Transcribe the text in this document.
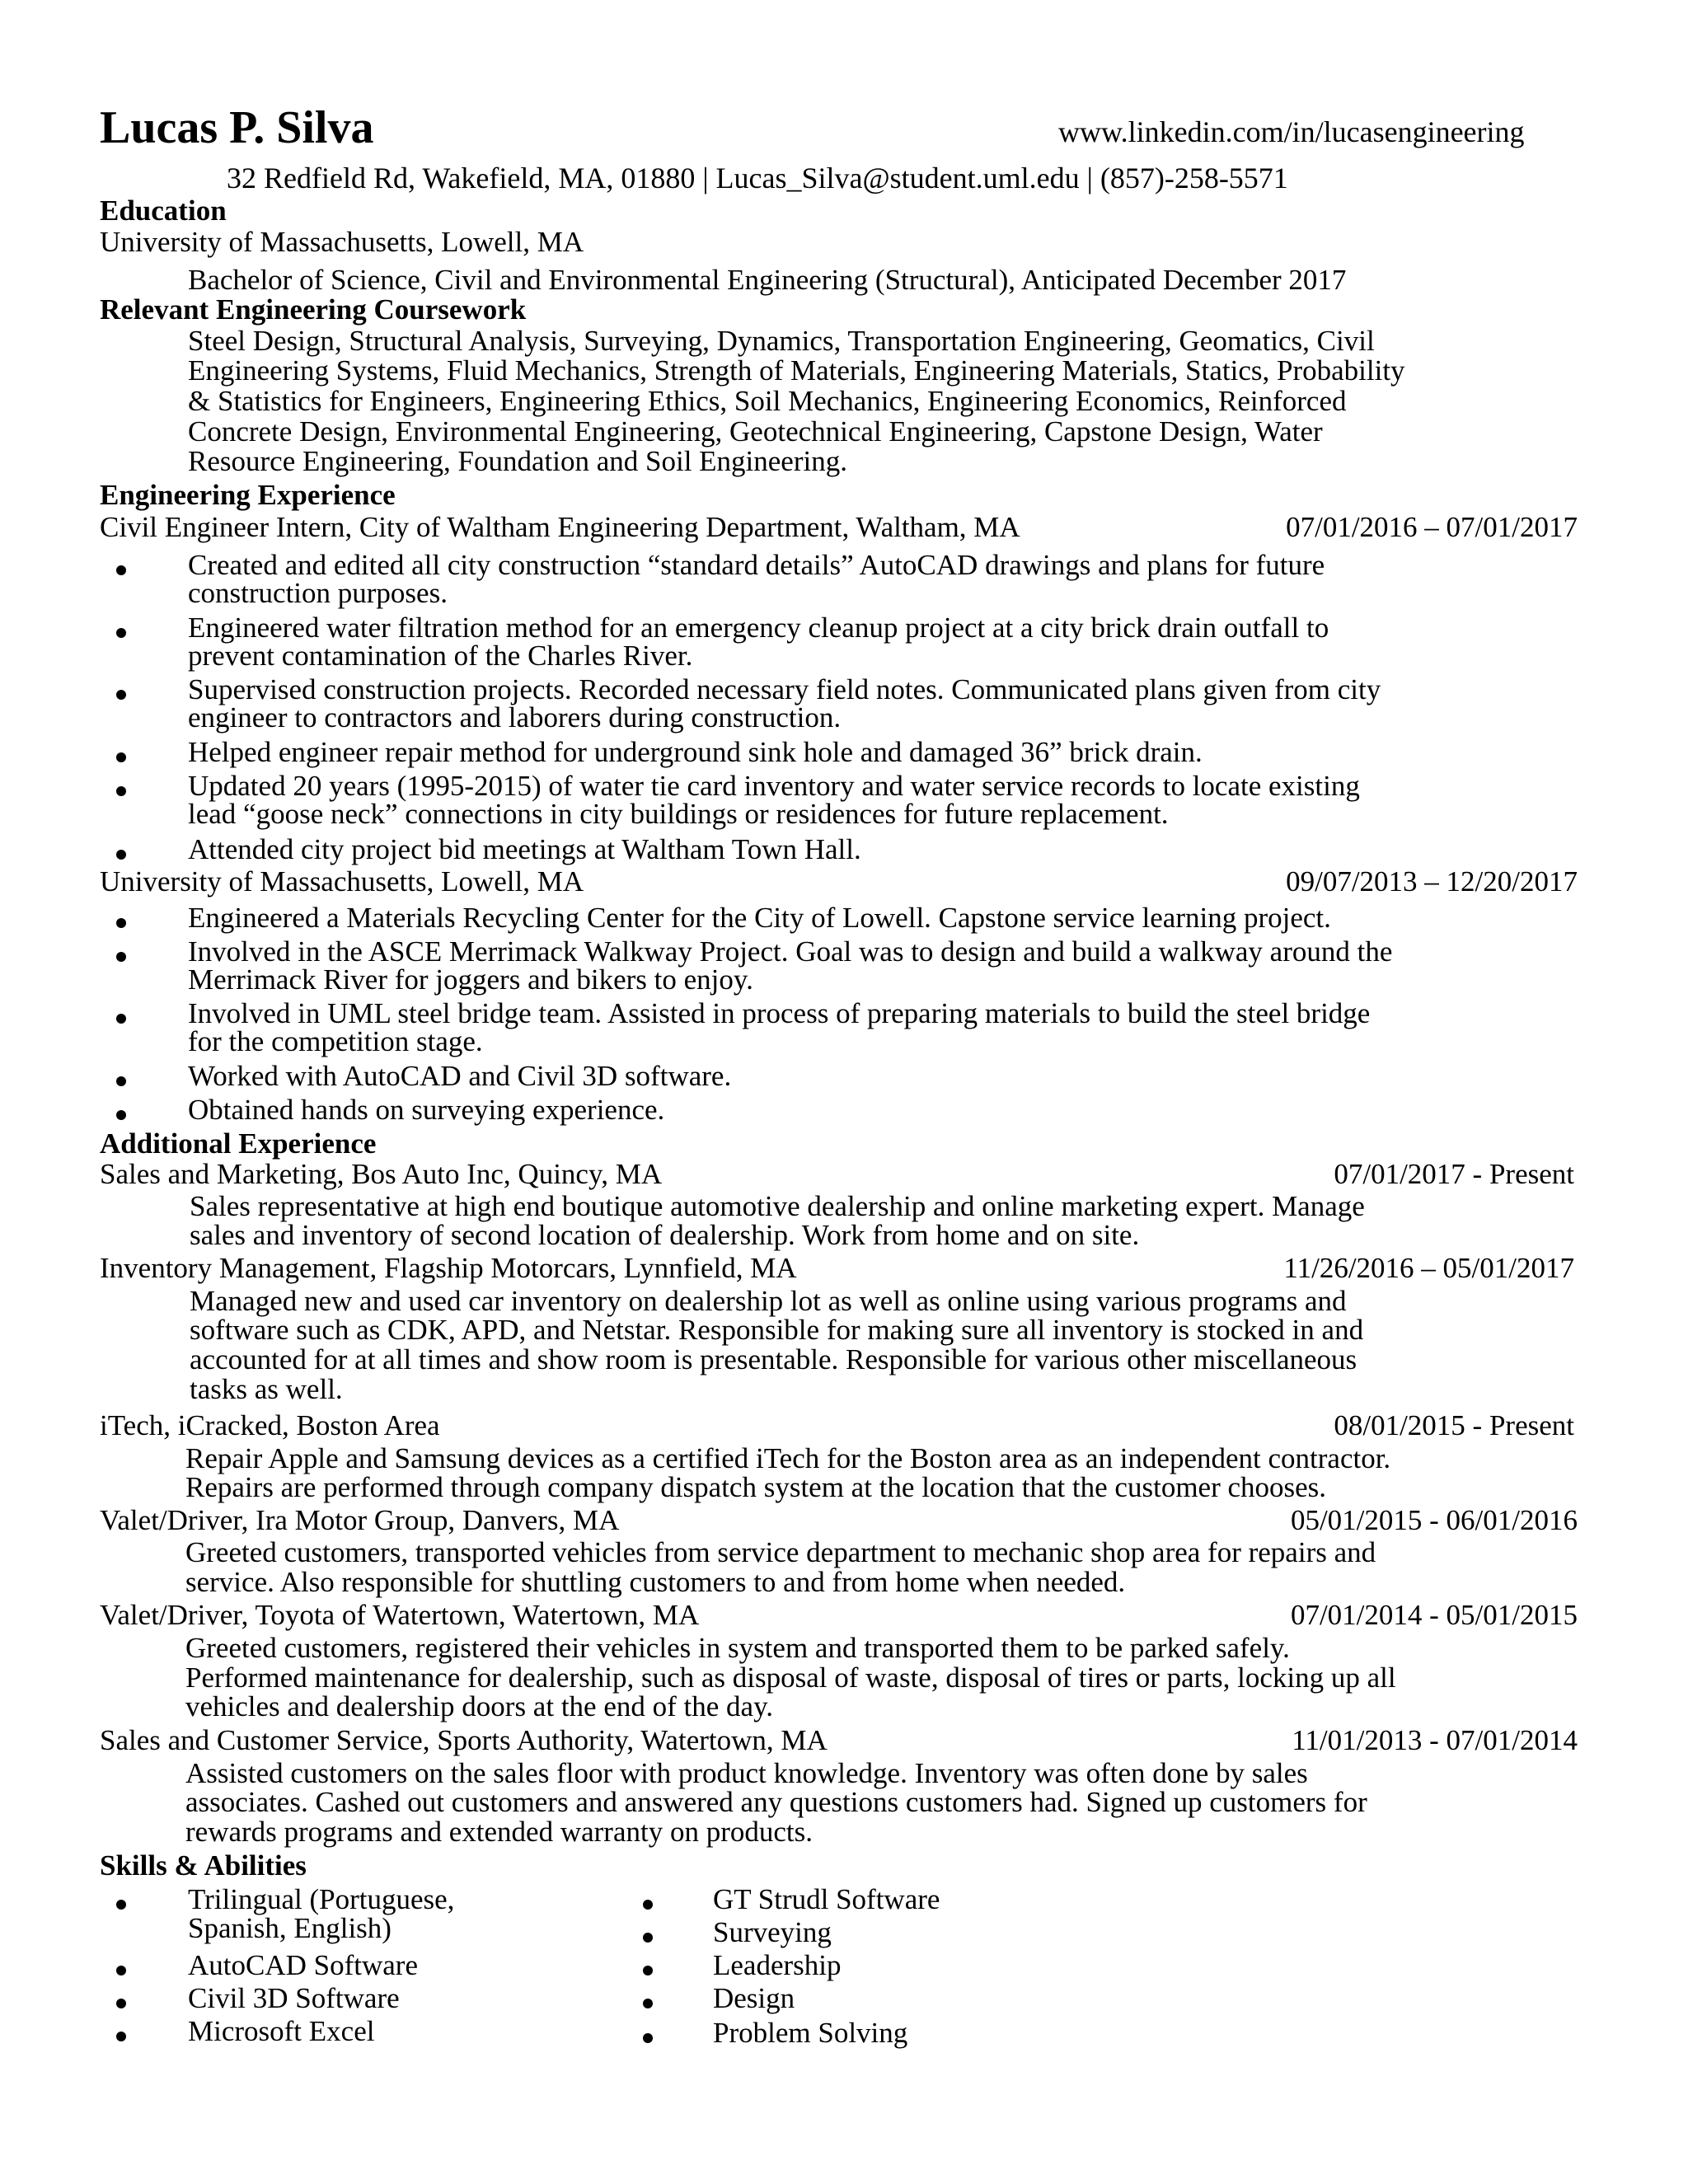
Lucas P. Silva	www.linkedin.com/in/lucasengineering
32 Redfield Rd, Wakefield, MA, 01880 | Lucas_Silva@student.uml.edu | (857)-258-5571
Education
University of Massachusetts, Lowell, MA
Bachelor of Science, Civil and Environmental Engineering (Structural), Anticipated December 2017
Relevant Engineering Coursework
Steel Design, Structural Analysis, Surveying, Dynamics, Transportation Engineering, Geomatics, Civil
Engineering Systems, Fluid Mechanics, Strength of Materials, Engineering Materials, Statics, Probability
& Statistics for Engineers, Engineering Ethics, Soil Mechanics, Engineering Economics, Reinforced
Concrete Design, Environmental Engineering, Geotechnical Engineering, Capstone Design, Water
Resource Engineering, Foundation and Soil Engineering.
Engineering Experience
Civil Engineer Intern, City of Waltham Engineering Department, Waltham, MA	07/01/2016 – 07/01/2017
Created and edited all city construction “standard details” AutoCAD drawings and plans for future
construction purposes.
Engineered water filtration method for an emergency cleanup project at a city brick drain outfall to
prevent contamination of the Charles River.
Supervised construction projects. Recorded necessary field notes. Communicated plans given from city
engineer to contractors and laborers during construction.
Helped engineer repair method for underground sink hole and damaged 36” brick drain.
Updated 20 years (1995-2015) of water tie card inventory and water service records to locate existing
lead “goose neck” connections in city buildings or residences for future replacement.
Attended city project bid meetings at Waltham Town Hall.
University of Massachusetts, Lowell, MA	09/07/2013 – 12/20/2017
Engineered a Materials Recycling Center for the City of Lowell. Capstone service learning project.
Involved in the ASCE Merrimack Walkway Project. Goal was to design and build a walkway around the
Merrimack River for joggers and bikers to enjoy.
Involved in UML steel bridge team. Assisted in process of preparing materials to build the steel bridge
for the competition stage.
Worked with AutoCAD and Civil 3D software.
Obtained hands on surveying experience.
Additional Experience
Sales and Marketing, Bos Auto Inc, Quincy, MA	07/01/2017 - Present
Sales representative at high end boutique automotive dealership and online marketing expert. Manage
sales and inventory of second location of dealership. Work from home and on site.
Inventory Management, Flagship Motorcars, Lynnfield, MA	11/26/2016 – 05/01/2017
Managed new and used car inventory on dealership lot as well as online using various programs and
software such as CDK, APD, and Netstar. Responsible for making sure all inventory is stocked in and
accounted for at all times and show room is presentable. Responsible for various other miscellaneous
tasks as well.
iTech, iCracked, Boston Area	08/01/2015 - Present
Repair Apple and Samsung devices as a certified iTech for the Boston area as an independent contractor.
Repairs are performed through company dispatch system at the location that the customer chooses.
Valet/Driver, Ira Motor Group, Danvers, MA	05/01/2015 - 06/01/2016
Greeted customers, transported vehicles from service department to mechanic shop area for repairs and
service. Also responsible for shuttling customers to and from home when needed.
Valet/Driver, Toyota of Watertown, Watertown, MA	07/01/2014 - 05/01/2015
Greeted customers, registered their vehicles in system and transported them to be parked safely.
Performed maintenance for dealership, such as disposal of waste, disposal of tires or parts, locking up all
vehicles and dealership doors at the end of the day.
Sales and Customer Service, Sports Authority, Watertown, MA	11/01/2013 - 07/01/2014
Assisted customers on the sales floor with product knowledge. Inventory was often done by sales
associates. Cashed out customers and answered any questions customers had. Signed up customers for
rewards programs and extended warranty on products.
Skills & Abilities
Trilingual (Portuguese,
Spanish, English)
AutoCAD Software
Civil 3D Software
Microsoft Excel
GT Strudl Software
Surveying
Leadership
Design
Problem Solving
